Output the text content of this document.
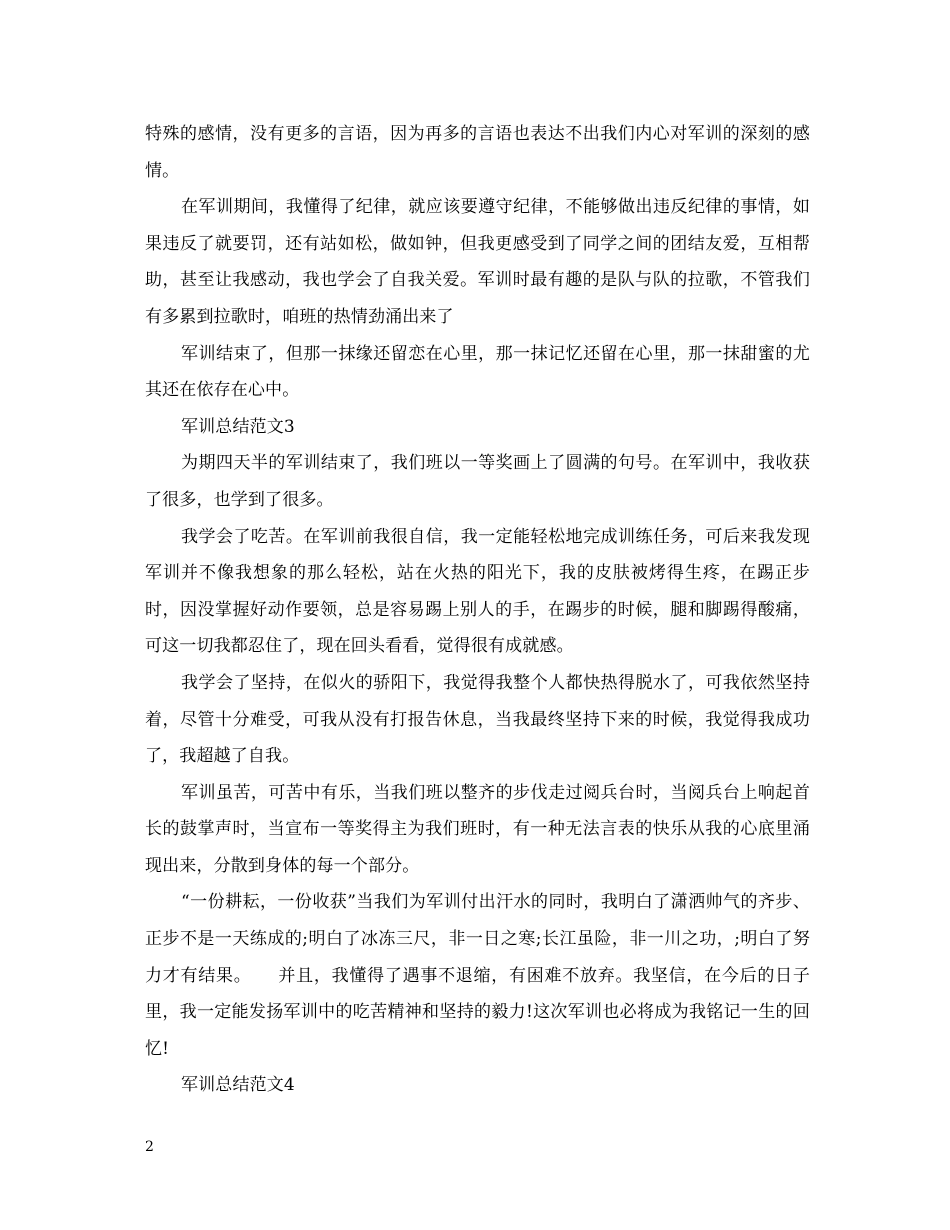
特殊的感情，没有更多的言语，因为再多的言语也表达不出我们内心对军训的深刻的感情。

在军训期间，我懂得了纪律，就应该要遵守纪律，不能够做出违反纪律的事情，如果违反了就要罚，还有站如松，做如钟，但我更感受到了同学之间的团结友爱，互相帮助，甚至让我感动，我也学会了自我关爱。军训时最有趣的是队与队的拉歌，不管我们有多累到拉歌时，咱班的热情劲涌出来了

军训结束了，但那一抹缘还留恋在心里，那一抹记忆还留在心里，那一抹甜蜜的尤其还在依存在心中。

军训总结范文3

为期四天半的军训结束了，我们班以一等奖画上了圆满的句号。在军训中，我收获了很多，也学到了很多。

我学会了吃苦。在军训前我很自信，我一定能轻松地完成训练任务，可后来我发现军训并不像我想象的那么轻松，站在火热的阳光下，我的皮肤被烤得生疼，在踢正步时，因没掌握好动作要领，总是容易踢上别人的手，在踢步的时候，腿和脚踢得酸痛，可这一切我都忍住了，现在回头看看，觉得很有成就感。

我学会了坚持，在似火的骄阳下，我觉得我整个人都快热得脱水了，可我依然坚持着，尽管十分难受，可我从没有打报告休息，当我最终坚持下来的时候，我觉得我成功了，我超越了自我。

军训虽苦，可苦中有乐，当我们班以整齐的步伐走过阅兵台时，当阅兵台上响起首长的鼓掌声时，当宣布一等奖得主为我们班时，有一种无法言表的快乐从我的心底里涌现出来，分散到身体的每一个部分。

“一份耕耘，一份收获”当我们为军训付出汗水的同时，我明白了潇洒帅气的齐步、正步不是一天练成的;明白了冰冻三尺，非一日之寒;长江虽险，非一川之功，;明白了努力才有结果。　　并且，我懂得了遇事不退缩，有困难不放弃。我坚信，在今后的日子里，我一定能发扬军训中的吃苦精神和坚持的毅力!这次军训也必将成为我铭记一生的回忆!

军训总结范文4

2
